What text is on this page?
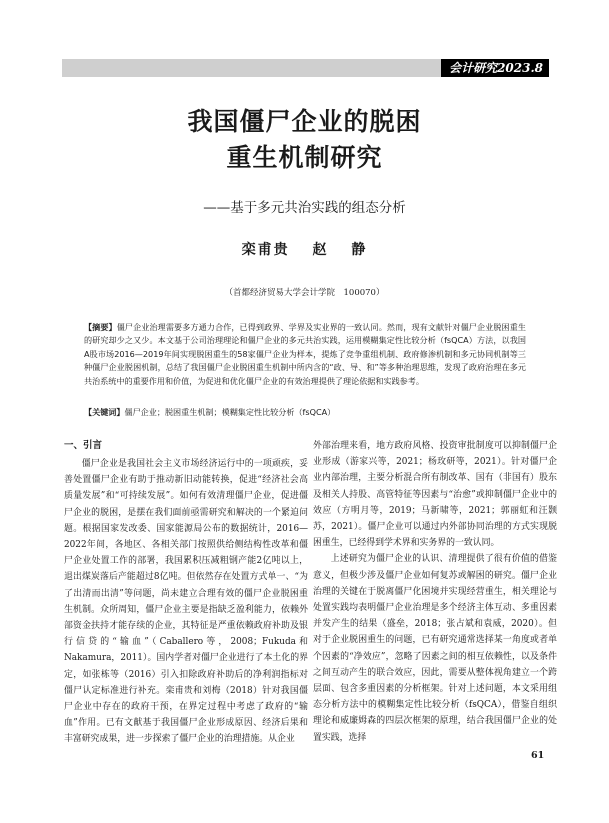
会计研究2023.8
我国僵尸企业的脱困
重生机制研究
——基于多元共治实践的组态分析
栾甫贵 赵 静
（首都经济贸易大学会计学院　100070）
【摘要】僵尸企业治理需要多方通力合作，已得到政界、学界及实业界的一致认同。然而，现有文献针对僵尸企业脱困重生的研究却少之又少。本文基于公司治理理论和僵尸企业的多元共治实践，运用模糊集定性比较分析（fsQCA）方法，以我国A股市场2016—2019年间实现脱困重生的58家僵尸企业为样本，提炼了竞争重组机制、政府修渗机制和多元协同机制等三种僵尸企业脱困机制，总结了我国僵尸企业脱困重生机制中所内含的“政、导、和”等多种治理思维，发现了政府治理在多元共治系统中的重要作用和价值，为促进和优化僵尸企业的有效治理提供了理论依据和实践参考。
【关键词】僵尸企业；脱困重生机制；模糊集定性比较分析（fsQCA）
一、引言

僵尸企业是我国社会主义市场经济运行中的一项顽疾，妥善处置僵尸企业有助于推动新旧动能转换，促进“经济社会高质量发展”和“可持续发展”。如何有效清理僵尸企业，促进僵尸企业的脱困，是摆在我们面前亟需研究和解决的一个紧迫问题。根据国家发改委、国家能源局公布的数据统计，2016—2022年间，各地区、各相关部门按照供给侧结构性改革和僵尸企业处置工作的部署，我国累积压减粗钢产能2亿吨以上，退出煤炭落后产能超过8亿吨。但依然存在处置方式单一、“为了出清而出清”等问题，尚未建立合理有效的僵尸企业脱困重生机制。众所周知，僵尸企业主要是指缺乏盈利能力，依赖外部资金扶持才能存续的企业，其特征是严重依赖政府补助及银行信贷的“输血”（Caballero等，2008；Fukuda和Nakamura，2011）。国内学者对僵尸企业进行了本土化的界定，如张栋等（2016）引入扣除政府补助后的净利润指标对僵尸认定标准进行补充。栾甫贵和刘梅（2018）针对我国僵尸企业中存在的政府干预，在界定过程中考虑了政府的“输血”作用。已有文献基于我国僵尸企业形成原因、经济后果和丰富研究成果，进一步探索了僵尸企业的治理措施。从企业

外部治理来看，地方政府风格、投资审批制度可以抑制僵尸企业形成（游家兴等，2021；杨玫研等，2021）。针对僵尸企业内部治理，主要分析混合所有制改革、国有（非国有）股东及相关人持股、高管特征等因素与“治愈”或抑制僵尸企业中的效应（方明月等，2019；马新啸等，2021；郭丽虹和汪颢苏，2021）。僵尸企业可以通过内外部协同治理的方式实现脱困重生，已经得到学术界和实务界的一致认同。

上述研究为僵尸企业的认识、清理提供了很有价值的借鉴意义，但极少涉及僵尸企业如何复苏或解困的研究。僵尸企业治理的关键在于脱离僵尸化困境并实现经营重生，相关理论与处置实践均表明僵尸企业治理是多个经济主体互动、多重因素并发产生的结果（盛垒，2018；张占斌和袁威，2020）。但对于企业脱困重生的问题，已有研究通常选择某一角度或者单个因素的“净效应”，忽略了因素之间的相互依赖性，以及条件之间互动产生的联合效应，因此，需要从整体视角建立一个跨层面、包含多重因素的分析框架。针对上述问题，本文采用组态分析方法中的模糊集定性比较分析（fsQCA），借鉴自组织理论和威廉姆森的四层次框架的原理，结合我国僵尸企业的处置实践，选择

61
